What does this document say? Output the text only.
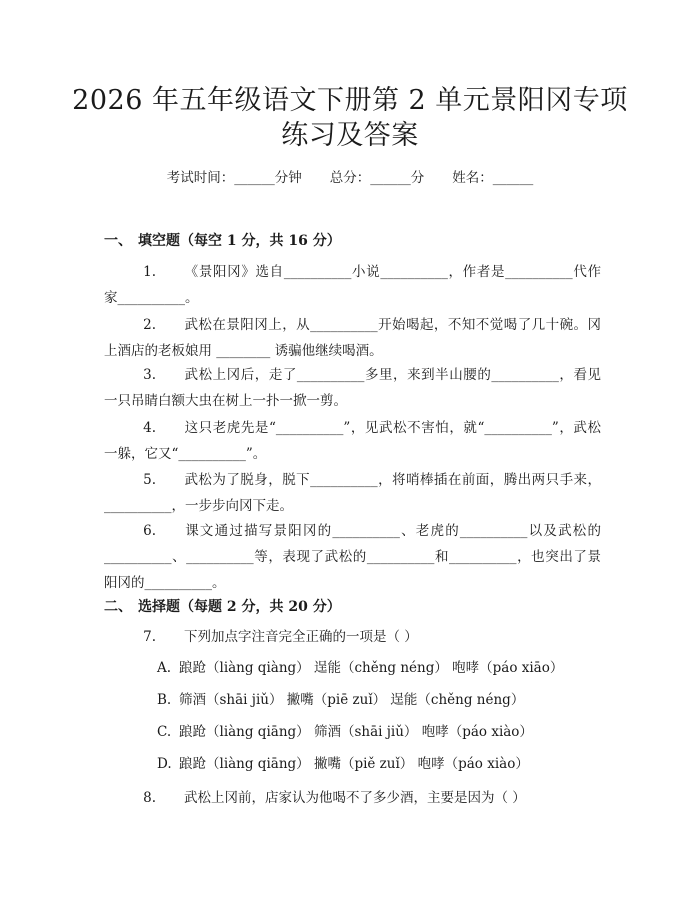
2026 年五年级语文下册第 2 单元景阳冈专项
练习及答案
考试时间：______分钟 总分：______分 姓名：______
一、 填空题（每空 1 分，共 16 分）
1. 《景阳冈》选自__________小说__________，作者是__________代作家__________。
2. 武松在景阳冈上，从__________开始喝起，不知不觉喝了几十碗。冈上酒店的老板娘用 ________ 诱骗他继续喝酒。
3. 武松上冈后，走了__________多里，来到半山腰的__________，看见一只吊睛白额大虫在树上一扑一掀一剪。
4. 这只老虎先是“__________”，见武松不害怕，就“__________”，武松一躲，它又“__________”。
5. 武松为了脱身，脱下__________，将哨棒插在前面，腾出两只手来，__________，一步步向冈下走。
6. 课文通过描写景阳冈的__________、老虎的__________以及武松的__________、__________等，表现了武松的__________和__________，也突出了景阳冈的__________。
二、 选择题（每题 2 分，共 20 分）
7. 下列加点字注音完全正确的一项是（ ）
A. 踉跄（liàng qiàng） 逞能（chěng néng） 咆哮（páo xiāo）
B. 筛酒（shāi jiǔ） 撇嘴（piē zuǐ） 逞能（chěng néng）
C. 踉跄（liàng qiāng） 筛酒（shāi jiǔ） 咆哮（páo xiào）
D. 踉跄（liàng qiāng） 撇嘴（piě zuǐ） 咆哮（páo xiào）
8. 武松上冈前，店家认为他喝不了多少酒，主要是因为（ ）
